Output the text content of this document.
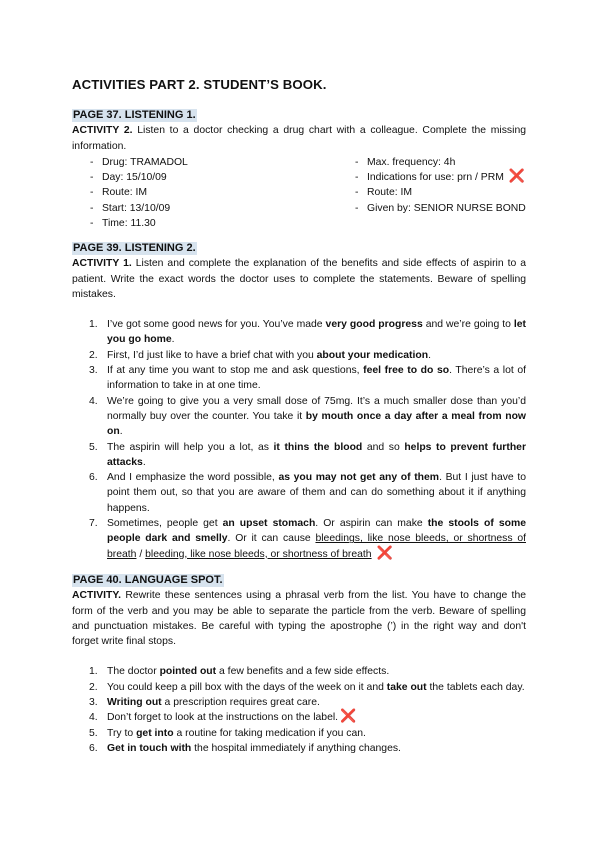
ACTIVITIES PART 2. STUDENT’S BOOK.
PAGE 37. LISTENING 1.

ACTIVITY 2. Listen to a doctor checking a drug chart with a colleague. Complete the missing information.

- Drug: TRAMADOL
- Day: 15/10/09
- Route: IM
- Start: 13/10/09
- Time: 11.30
- Max. frequency: 4h
- Indications for use: prn / PRM ❌
- Route: IM
- Given by: SENIOR NURSE BOND
PAGE 39. LISTENING 2.

ACTIVITY 1. Listen and complete the explanation of the benefits and side effects of aspirin to a patient. Write the exact words the doctor uses to complete the statements. Beware of spelling mistakes.

1. I’ve got some good news for you. You’ve made very good progress and we’re going to let you go home.
2. First, I’d just like to have a brief chat with you about your medication.
3. If at any time you want to stop me and ask questions, feel free to do so. There’s a lot of information to take in at one time.
4. We’re going to give you a very small dose of 75mg. It’s a much smaller dose than you’d normally buy over the counter. You take it by mouth once a day after a meal from now on.
5. The aspirin will help you a lot, as it thins the blood and so helps to prevent further attacks.
6. And I emphasize the word possible, as you may not get any of them. But I just have to point them out, so that you are aware of them and can do something about it if anything happens.
7. Sometimes, people get an upset stomach. Or aspirin can make the stools of some people dark and smelly. Or it can cause bleedings, like nose bleeds, or shortness of breath / bleeding, like nose bleeds, or shortness of breath ❌
PAGE 40. LANGUAGE SPOT.

ACTIVITY. Rewrite these sentences using a phrasal verb from the list. You have to change the form of the verb and you may be able to separate the particle from the verb. Beware of spelling and punctuation mistakes. Be careful with typing the apostrophe (’) in the right way and don't forget write final stops.

1. The doctor pointed out a few benefits and a few side effects.
2. You could keep a pill box with the days of the week on it and take out the tablets each day.
3. Writing out a prescription requires great care.
4. Don’t forget to look at the instructions on the label. ❌
5. Try to get into a routine for taking medication if you can.
6. Get in touch with the hospital immediately if anything changes.
